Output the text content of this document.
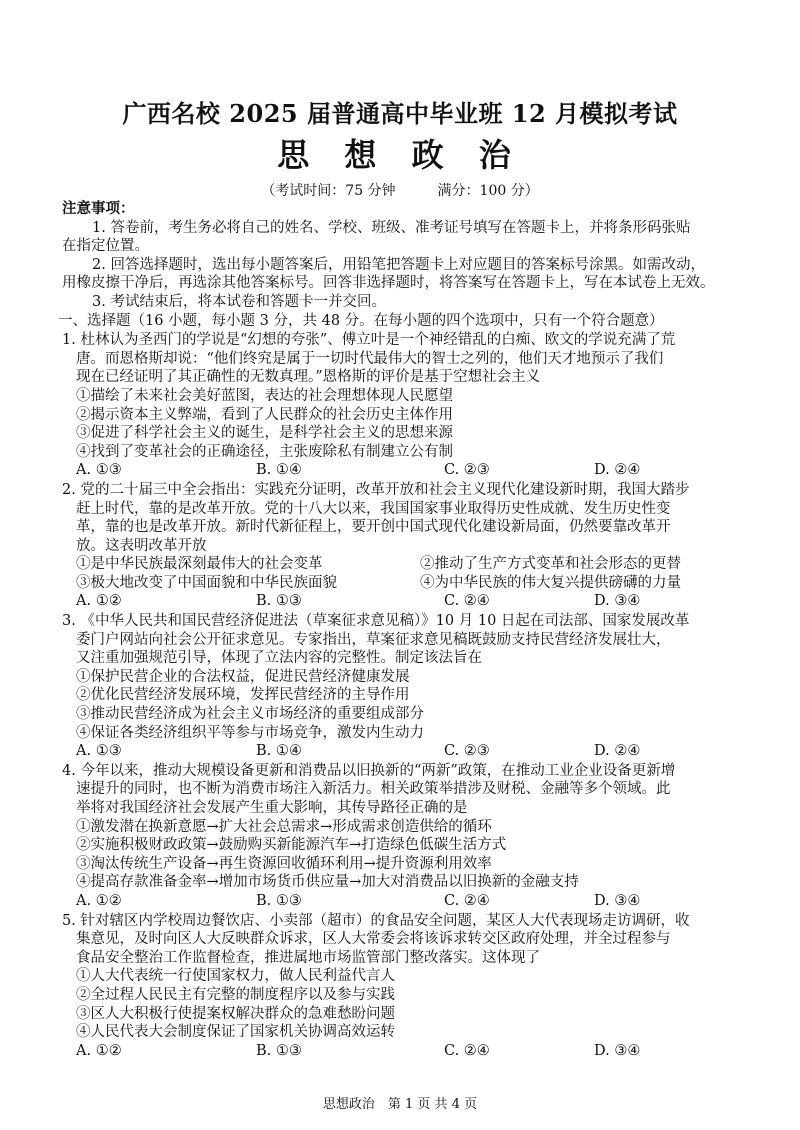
广西名校 2025 届普通高中毕业班 12 月模拟考试
思 想 政 治
（考试时间：75 分钟　　　满分：100 分）
注意事项：
1. 答卷前，考生务必将自己的姓名、学校、班级、准考证号填写在答题卡上，并将条形码张贴
在指定位置。
2. 回答选择题时，选出每小题答案后，用铅笔把答题卡上对应题目的答案标号涂黑。如需改动，
用橡皮擦干净后，再选涂其他答案标号。回答非选择题时，将答案写在答题卡上，写在本试卷上无效。
3. 考试结束后，将本试卷和答题卡一并交回。
一、选择题（16 小题，每小题 3 分，共 48 分。在每小题的四个选项中，只有一个符合题意）
1. 杜林认为圣西门的学说是“幻想的夸张”、傅立叶是一个神经错乱的白痴、欧文的学说充满了荒
唐。而恩格斯却说：“他们终究是属于一切时代最伟大的智士之列的，他们天才地预示了我们
现在已经证明了其正确性的无数真理。”恩格斯的评价是基于空想社会主义
①描绘了未来社会美好蓝图，表达的社会理想体现人民愿望
②揭示资本主义弊端，看到了人民群众的社会历史主体作用
③促进了科学社会主义的诞生，是科学社会主义的思想来源
④找到了变革社会的正确途径，主张废除私有制建立公有制
A. ①③	B. ①④	C. ②③	D. ②④
2. 党的二十届三中全会指出：实践充分证明，改革开放和社会主义现代化建设新时期，我国大踏步
赶上时代，靠的是改革开放。党的十八大以来，我国国家事业取得历史性成就、发生历史性变
革，靠的也是改革开放。新时代新征程上，要开创中国式现代化建设新局面，仍然要靠改革开
放。这表明改革开放
①是中华民族最深刻最伟大的社会变革	②推动了生产方式变革和社会形态的更替
③极大地改变了中国面貌和中华民族面貌	④为中华民族的伟大复兴提供磅礴的力量
A. ①②	B. ①③	C. ②④	D. ③④
3. 《中华人民共和国民营经济促进法（草案征求意见稿）》10 月 10 日起在司法部、国家发展改革
委门户网站向社会公开征求意见。专家指出，草案征求意见稿既鼓励支持民营经济发展壮大，
又注重加强规范引导，体现了立法内容的完整性。制定该法旨在
①保护民营企业的合法权益，促进民营经济健康发展
②优化民营经济发展环境，发挥民营经济的主导作用
③推动民营经济成为社会主义市场经济的重要组成部分
④保证各类经济组织平等参与市场竞争，激发内生动力
A. ①③	B. ①④	C. ②③	D. ②④
4. 今年以来，推动大规模设备更新和消费品以旧换新的“两新”政策，在推动工业企业设备更新增
速提升的同时，也不断为消费市场注入新活力。相关政策举措涉及财税、金融等多个领域。此
举将对我国经济社会发展产生重大影响，其传导路径正确的是
①激发潜在换新意愿→扩大社会总需求→形成需求创造供给的循环
②实施积极财政政策→鼓励购买新能源汽车→打造绿色低碳生活方式
③淘汰传统生产设备→再生资源回收循环利用→提升资源利用效率
④提高存款准备金率→增加市场货币供应量→加大对消费品以旧换新的金融支持
A. ①②	B. ①③	C. ②④	D. ③④
5. 针对辖区内学校周边餐饮店、小卖部（超市）的食品安全问题，某区人大代表现场走访调研，收
集意见，及时向区人大反映群众诉求，区人大常委会将该诉求转交区政府处理，并全过程参与
食品安全整治工作监督检查，推进属地市场监管部门整改落实。这体现了
①人大代表统一行使国家权力，做人民利益代言人
②全过程人民民主有完整的制度程序以及参与实践
③区人大积极行使提案权解决群众的急难愁盼问题
④人民代表大会制度保证了国家机关协调高效运转
A. ①②	B. ①③	C. ②④	D. ③④
思想政治　第 1 页 共 4 页
